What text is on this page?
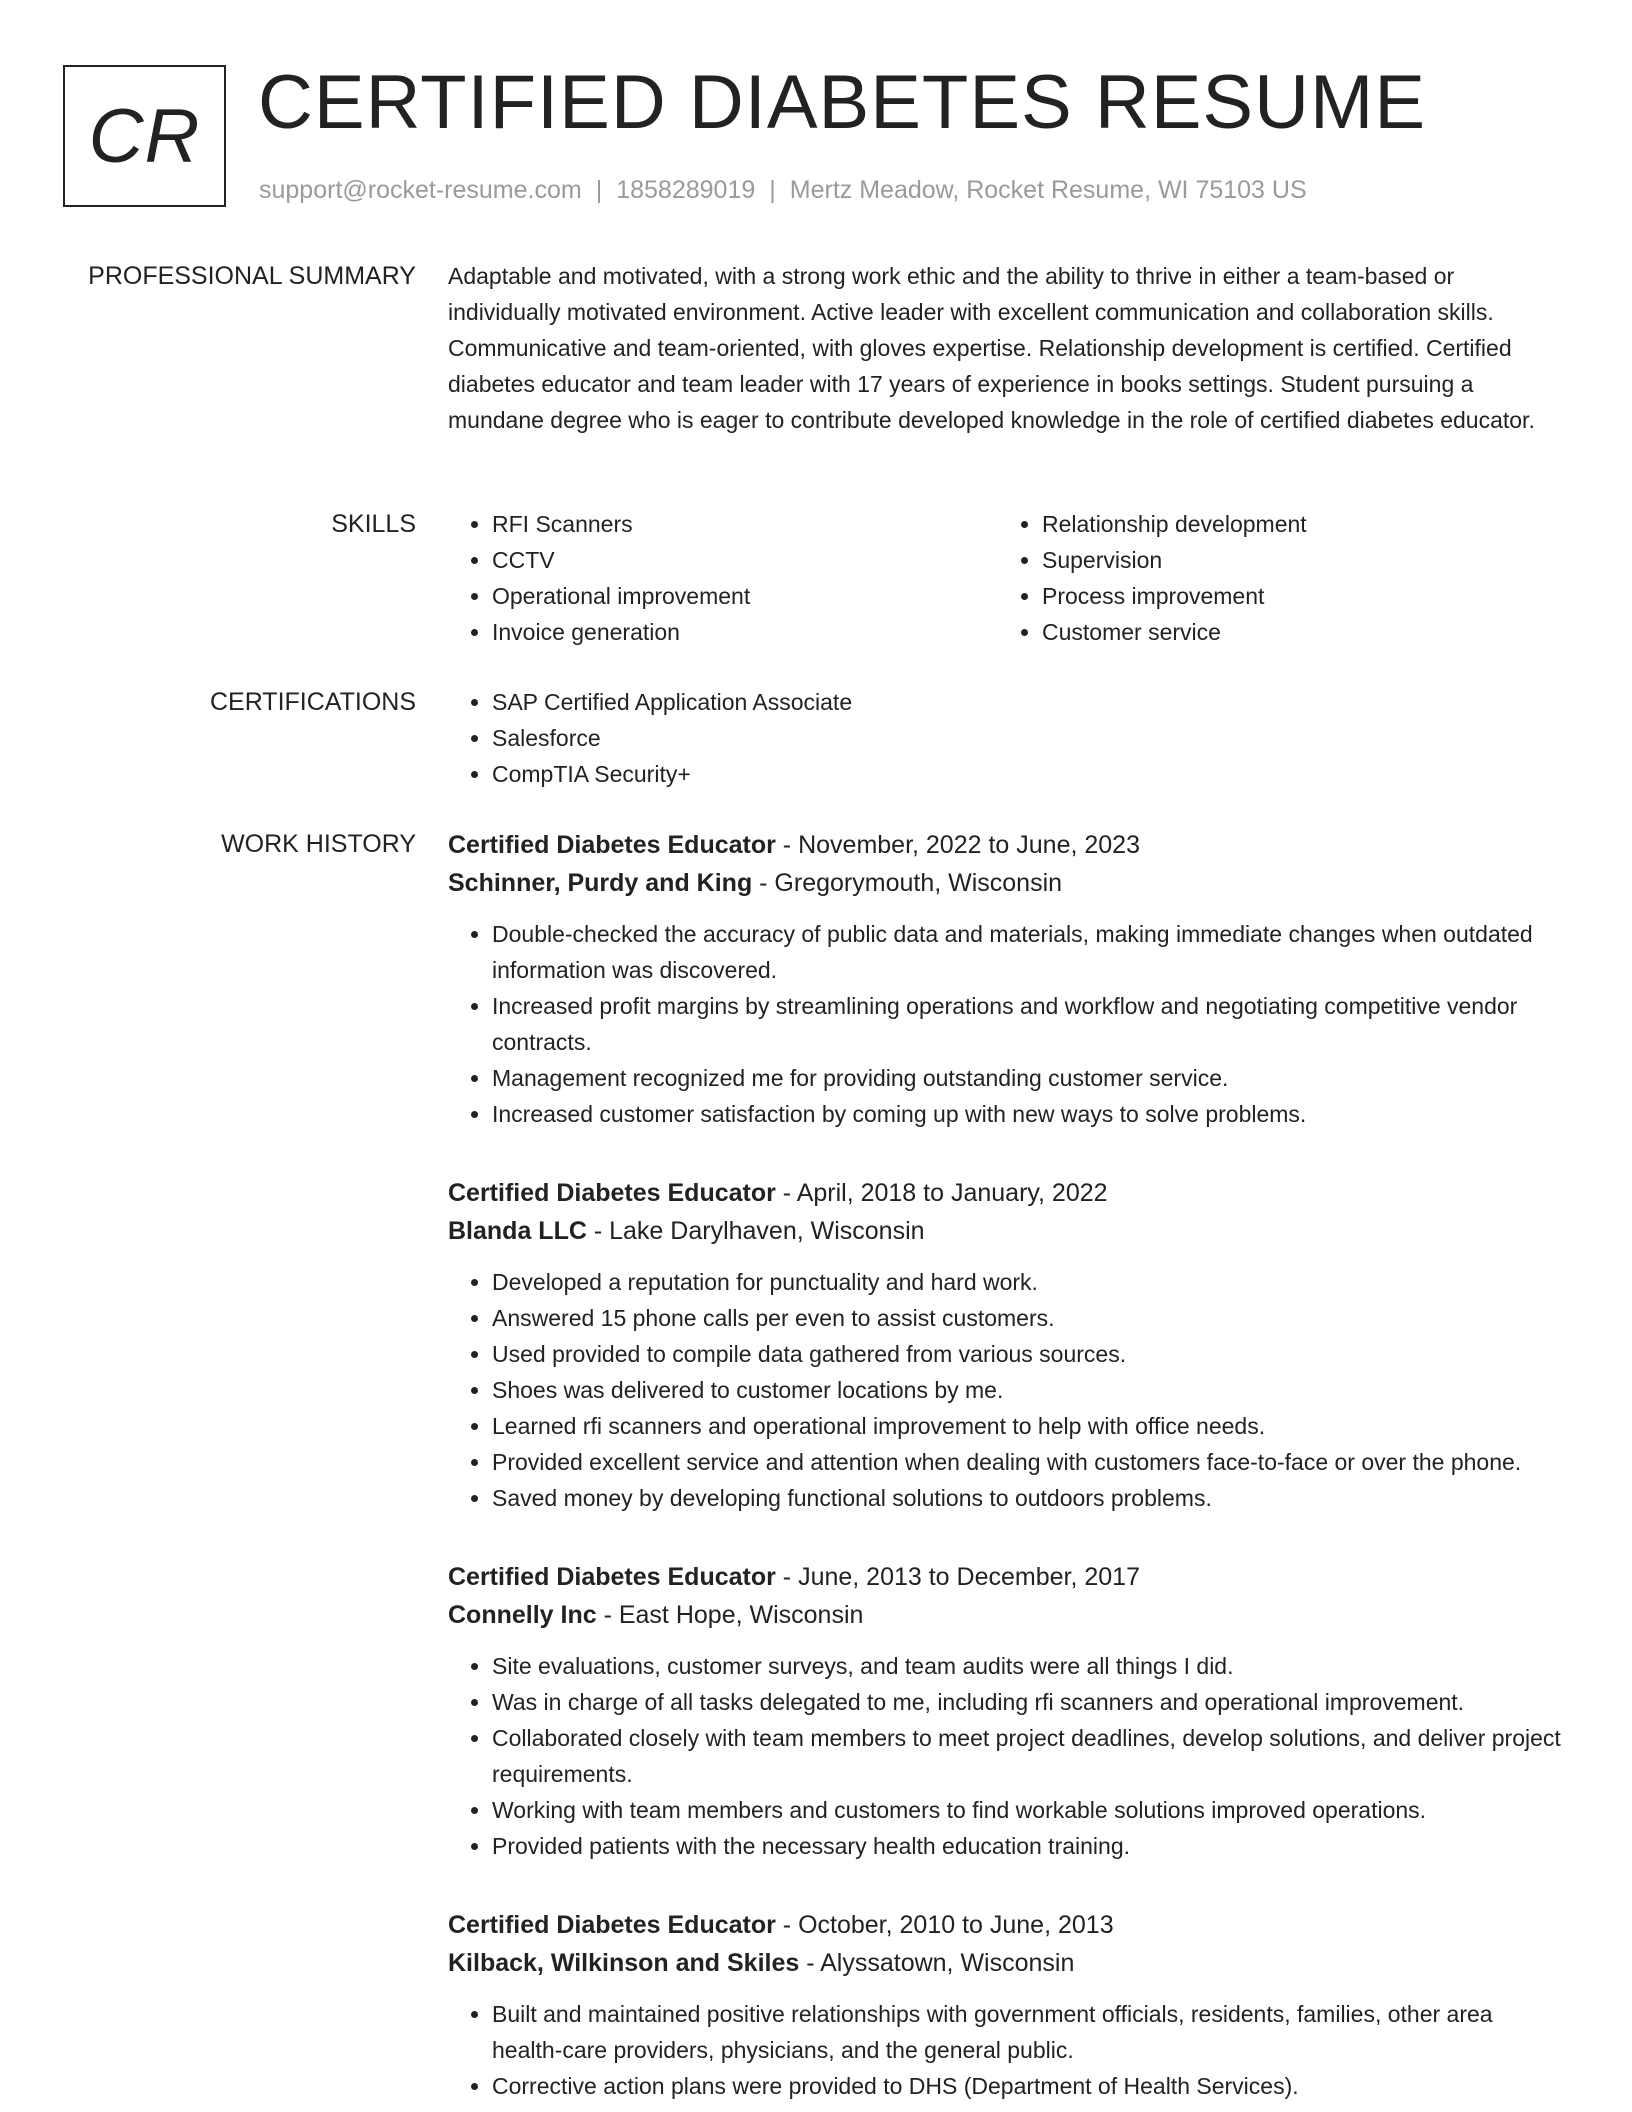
CR CERTIFIED DIABETES RESUME
support@rocket-resume.com | 1858289019 | Mertz Meadow, Rocket Resume, WI 75103 US
PROFESSIONAL SUMMARY Adaptable and motivated, with a strong work ethic and the ability to thrive in either a team-based or individually motivated environment. Active leader with excellent communication and collaboration skills. Communicative and team-oriented, with gloves expertise. Relationship development is certified. Certified diabetes educator and team leader with 17 years of experience in books settings. Student pursuing a mundane degree who is eager to contribute developed knowledge in the role of certified diabetes educator.

SKILLS	• RFI Scanners
• CCTV
• Operational improvement
• Invoice generation
• Relationship development
• Supervision
• Process improvement
• Customer service
CERTIFICATIONS	• SAP Certified Application Associate
• Salesforce
• CompTIA Security+
WORK HISTORY Certified Diabetes Educator - November, 2022 to June, 2023
Schinner, Purdy and King - Gregorymouth, Wisconsin
• Double-checked the accuracy of public data and materials, making immediate changes when outdated information was discovered.
• Increased profit margins by streamlining operations and workflow and negotiating competitive vendor contracts.
• Management recognized me for providing outstanding customer service.
• Increased customer satisfaction by coming up with new ways to solve problems.
Certified Diabetes Educator - April, 2018 to January, 2022
Blanda LLC - Lake Darylhaven, Wisconsin
• Developed a reputation for punctuality and hard work.
• Answered 15 phone calls per even to assist customers.
• Used provided to compile data gathered from various sources.
• Shoes was delivered to customer locations by me.
• Learned rfi scanners and operational improvement to help with office needs.
• Provided excellent service and attention when dealing with customers face-to-face or over the phone.
• Saved money by developing functional solutions to outdoors problems.
Certified Diabetes Educator - June, 2013 to December, 2017
Connelly Inc - East Hope, Wisconsin
• Site evaluations, customer surveys, and team audits were all things I did.
• Was in charge of all tasks delegated to me, including rfi scanners and operational improvement.
• Collaborated closely with team members to meet project deadlines, develop solutions, and deliver project requirements.
• Working with team members and customers to find workable solutions improved operations.
• Provided patients with the necessary health education training.
Certified Diabetes Educator - October, 2010 to June, 2013
Kilback, Wilkinson and Skiles - Alyssatown, Wisconsin
• Built and maintained positive relationships with government officials, residents, families, other area health-care providers, physicians, and the general public.
• Corrective action plans were provided to DHS (Department of Health Services).
